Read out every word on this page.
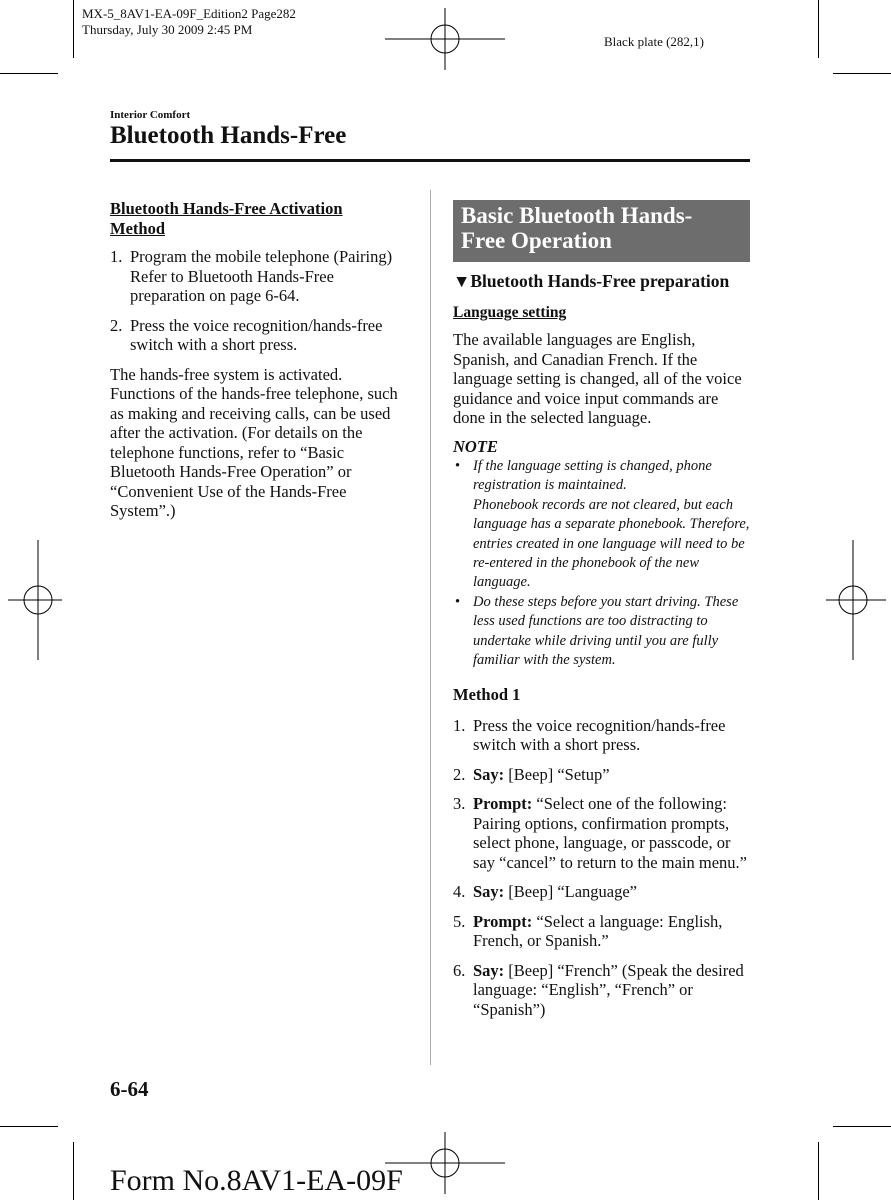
MX-5_8AV1-EA-09F_Edition2 Page282
Thursday, July 30 2009 2:45 PM
Black plate (282,1)
Interior Comfort
Bluetooth Hands-Free
Bluetooth Hands-Free Activation
Method
1. Program the mobile telephone (Pairing) Refer to Bluetooth Hands-Free preparation on page 6-64.
2. Press the voice recognition/hands-free switch with a short press.

The hands-free system is activated. Functions of the hands-free telephone, such as making and receiving calls, can be used after the activation. (For details on the telephone functions, refer to “Basic Bluetooth Hands-Free Operation” or “Convenient Use of the Hands-Free System”.)

Basic Bluetooth Hands-
Free Operation
▼Bluetooth Hands-Free preparation
Language setting

The available languages are English, Spanish, and Canadian French. If the language setting is changed, all of the voice guidance and voice input commands are done in the selected language.

NOTE
• If the language setting is changed, phone registration is maintained.
Phonebook records are not cleared, but each language has a separate phonebook. Therefore, entries created in one language will need to be re-entered in the phonebook of the new language.
• Do these steps before you start driving. These less used functions are too distracting to undertake while driving until you are fully familiar with the system.
Method 1
1. Press the voice recognition/hands-free switch with a short press.
2. Say: [Beep] “Setup”
3. Prompt: “Select one of the following: Pairing options, confirmation prompts, select phone, language, or passcode, or say “cancel” to return to the main menu.”
4. Say: [Beep] “Language”
5. Prompt: “Select a language: English, French, or Spanish.”
6. Say: [Beep] “French” (Speak the desired language: “English”, “French” or “Spanish”)
6-64
Form No.8AV1-EA-09F
